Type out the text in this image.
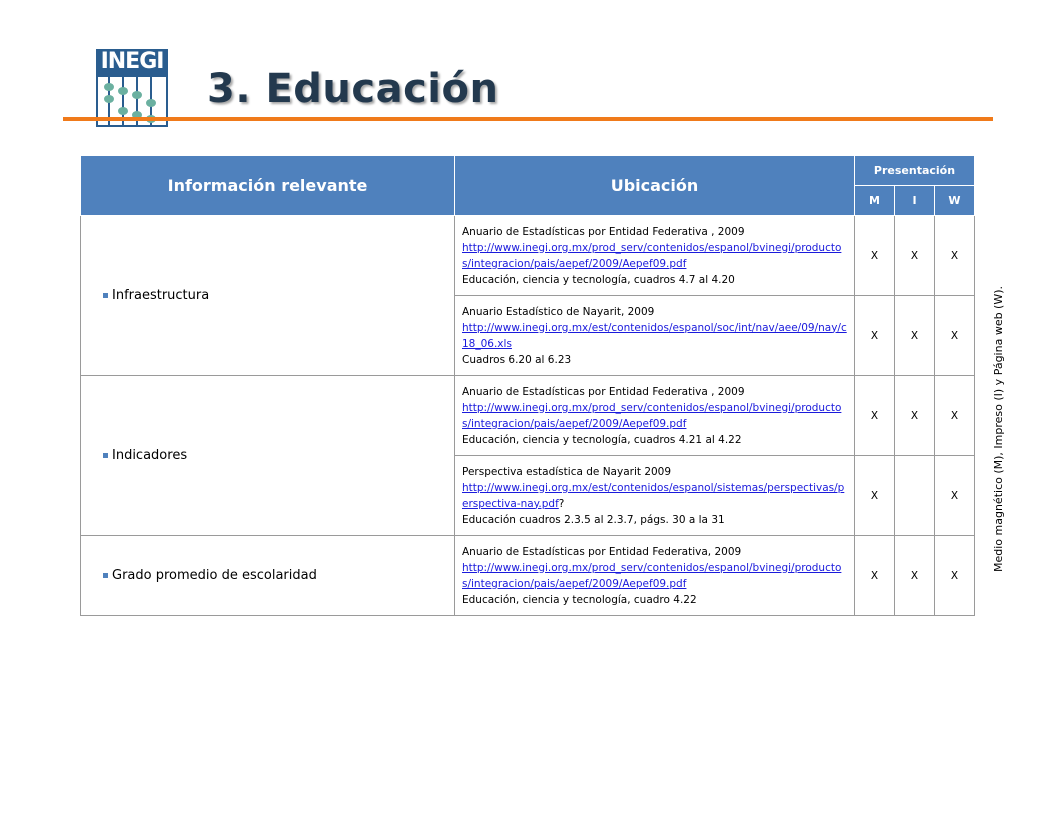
INEGI
3. Educación
Información relevante	Ubicación	Presentación		
		M	I	W
Infraestructura	Anuario de Estadísticas por Entidad Federativa , 2009
http://www.inegi.org.mx/prod_serv/contenidos/espanol/bvinegi/productos/integracion/pais/aepef/2009/Aepef09.pdf
Educación, ciencia y tecnología, cuadros 4.7 al 4.20	X	X	X

	Anuario Estadístico de Nayarit, 2009
http://www.inegi.org.mx/est/contenidos/espanol/soc/int/nav/aee/09/nay/c18_06.xls
Cuadros 6.20 al 6.23	X	X	X
Indicadores	Anuario de Estadísticas por Entidad Federativa , 2009
http://www.inegi.org.mx/prod_serv/contenidos/espanol/bvinegi/productos/integracion/pais/aepef/2009/Aepef09.pdf
Educación, ciencia y tecnología, cuadros 4.21 al 4.22	X	X	X

	Perspectiva estadística de Nayarit 2009
http://www.inegi.org.mx/est/contenidos/espanol/sistemas/perspectivas/perspectiva-nay.pdf?
Educación cuadros 2.3.5 al 2.3.7, págs. 30 a la 31	X		X
Grado promedio de escolaridad	Anuario de Estadísticas por Entidad Federativa, 2009
http://www.inegi.org.mx/prod_serv/contenidos/espanol/bvinegi/productos/integracion/pais/aepef/2009/Aepef09.pdf
Educación, ciencia y tecnología, cuadro 4.22	X	X	X
Medio magnético (M), Impreso (I) y Página web (W).
